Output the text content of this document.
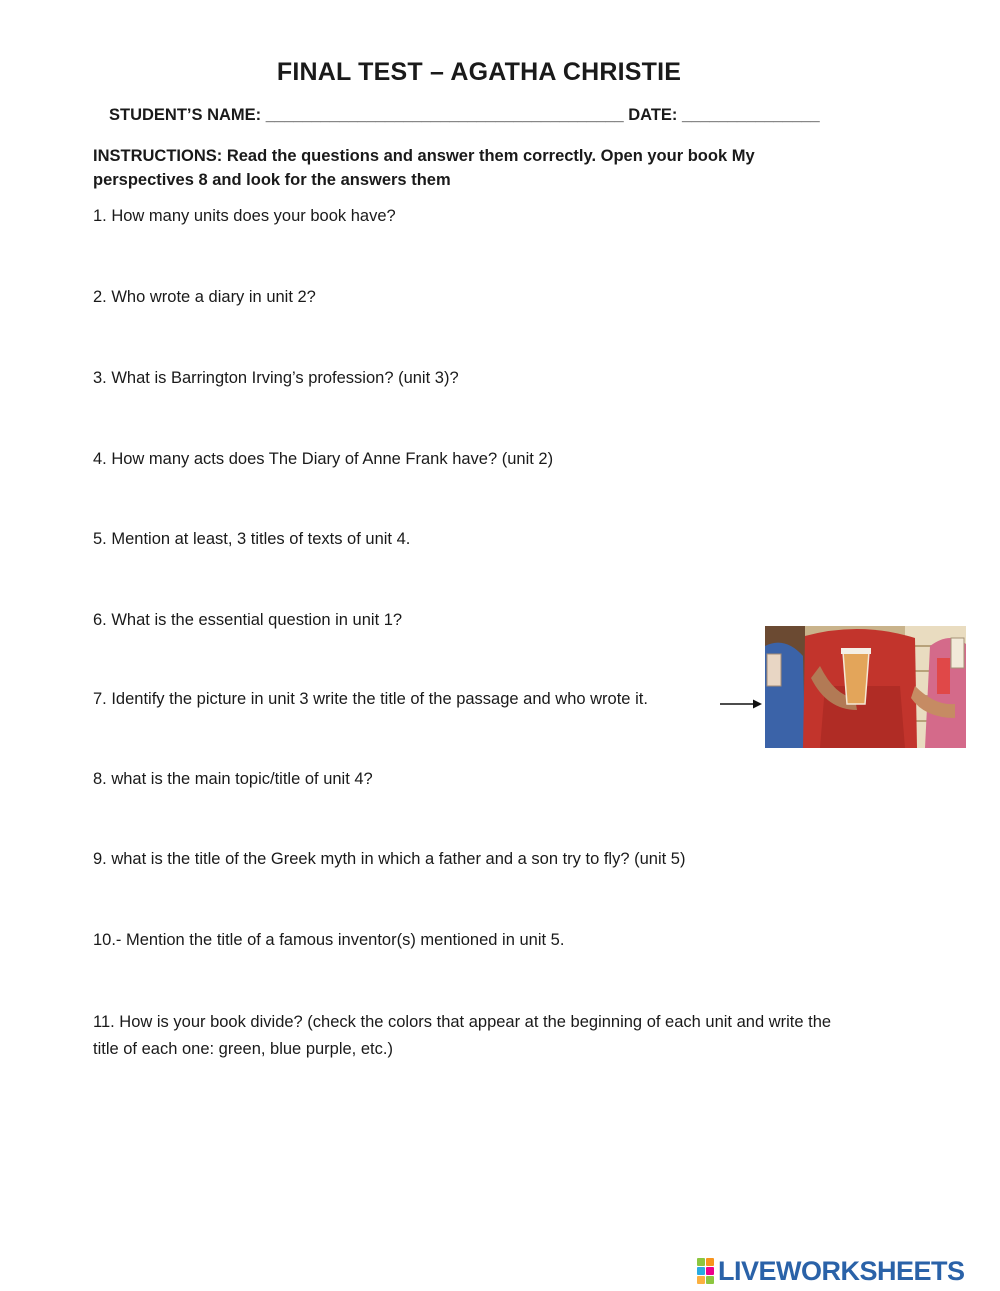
FINAL TEST – AGATHA CHRISTIE
STUDENT’S NAME: _______________________________________ DATE: _______________
INSTRUCTIONS: Read the questions and answer them correctly. Open your book My perspectives 8 and look for the answers them
1. How many units does your book have?
2. Who wrote a diary in unit 2?
3. What is Barrington Irving’s profession? (unit 3)?
4. How many acts does The Diary of Anne Frank have? (unit 2)
5. Mention at least, 3 titles of texts of unit 4.
6. What is the essential question in unit 1?
7. Identify the picture in unit 3 write the title of the passage and who wrote it.
8. what is the main topic/title of unit 4?
9. what is the title of the Greek myth in which a father and a son try to fly? (unit 5)
10.- Mention the title of a famous inventor(s) mentioned in unit 5.
11. How is your book divide? (check the colors that appear at the beginning of each unit and write the title of each one: green, blue purple, etc.)
LIVEWORKSHEETS
